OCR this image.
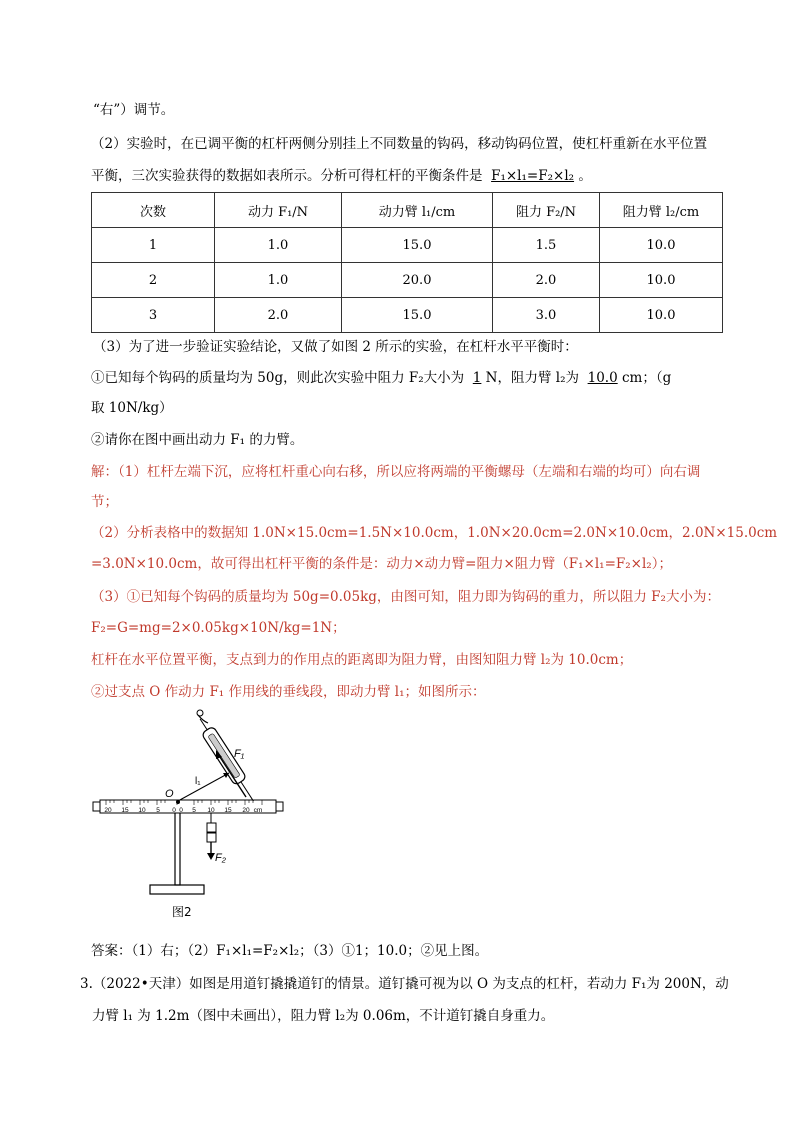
“右”）调节。
（2）实验时，在已调平衡的杠杆两侧分别挂上不同数量的钩码，移动钩码位置，使杠杆重新在水平位置
平衡，三次实验获得的数据如表所示。分析可得杠杆的平衡条件是 F₁×l₁=F₂×l₂ 。
次数	动力 F₁/N	动力臂 l₁/cm	阻力 F₂/N	阻力臂 l₂/cm
1	1.0	15.0	1.5	10.0
2	1.0	20.0	2.0	10.0
3	2.0	15.0	3.0	10.0
（3）为了进一步验证实验结论，又做了如图 2 所示的实验，在杠杆水平平衡时：
①已知每个钩码的质量均为 50g，则此次实验中阻力 F₂大小为 1 N，阻力臂 l₂为 10.0 cm；（g
取 10N/kg）
②请你在图中画出动力 F₁ 的力臂。
解：（1）杠杆左端下沉，应将杠杆重心向右移，所以应将两端的平衡螺母（左端和右端的均可）向右调
节；
（2）分析表格中的数据知 1.0N×15.0cm=1.5N×10.0cm，1.0N×20.0cm=2.0N×10.0cm，2.0N×15.0cm
=3.0N×10.0cm，故可得出杠杆平衡的条件是：动力×动力臂=阻力×阻力臂（F₁×l₁=F₂×l₂）；
（3）①已知每个钩码的质量均为 50g=0.05kg，由图可知，阻力即为钩码的重力，所以阻力 F₂大小为：
F₂=G=mg=2×0.05kg×10N/kg=1N；
杠杆在水平位置平衡，支点到力的作用点的距离即为阻力臂，由图知阻力臂 l₂为 10.0cm；
②过支点 O 作动力 F₁ 作用线的垂线段，即动力臂 l₁；如图所示：
20 15 10 5 0 0 5 10 15 20 cm
O
F₁
l₁
F₂
图2
答案：（1）右；（2）F₁×l₁=F₂×l₂；（3）①1；10.0；②见上图。
3.（2022•天津）如图是用道钉撬撬道钉的情景。道钉撬可视为以 O 为支点的杠杆，若动力 F₁为 200N，动
力臂 l₁ 为 1.2m（图中未画出），阻力臂 l₂为 0.06m，不计道钉撬自身重力。
